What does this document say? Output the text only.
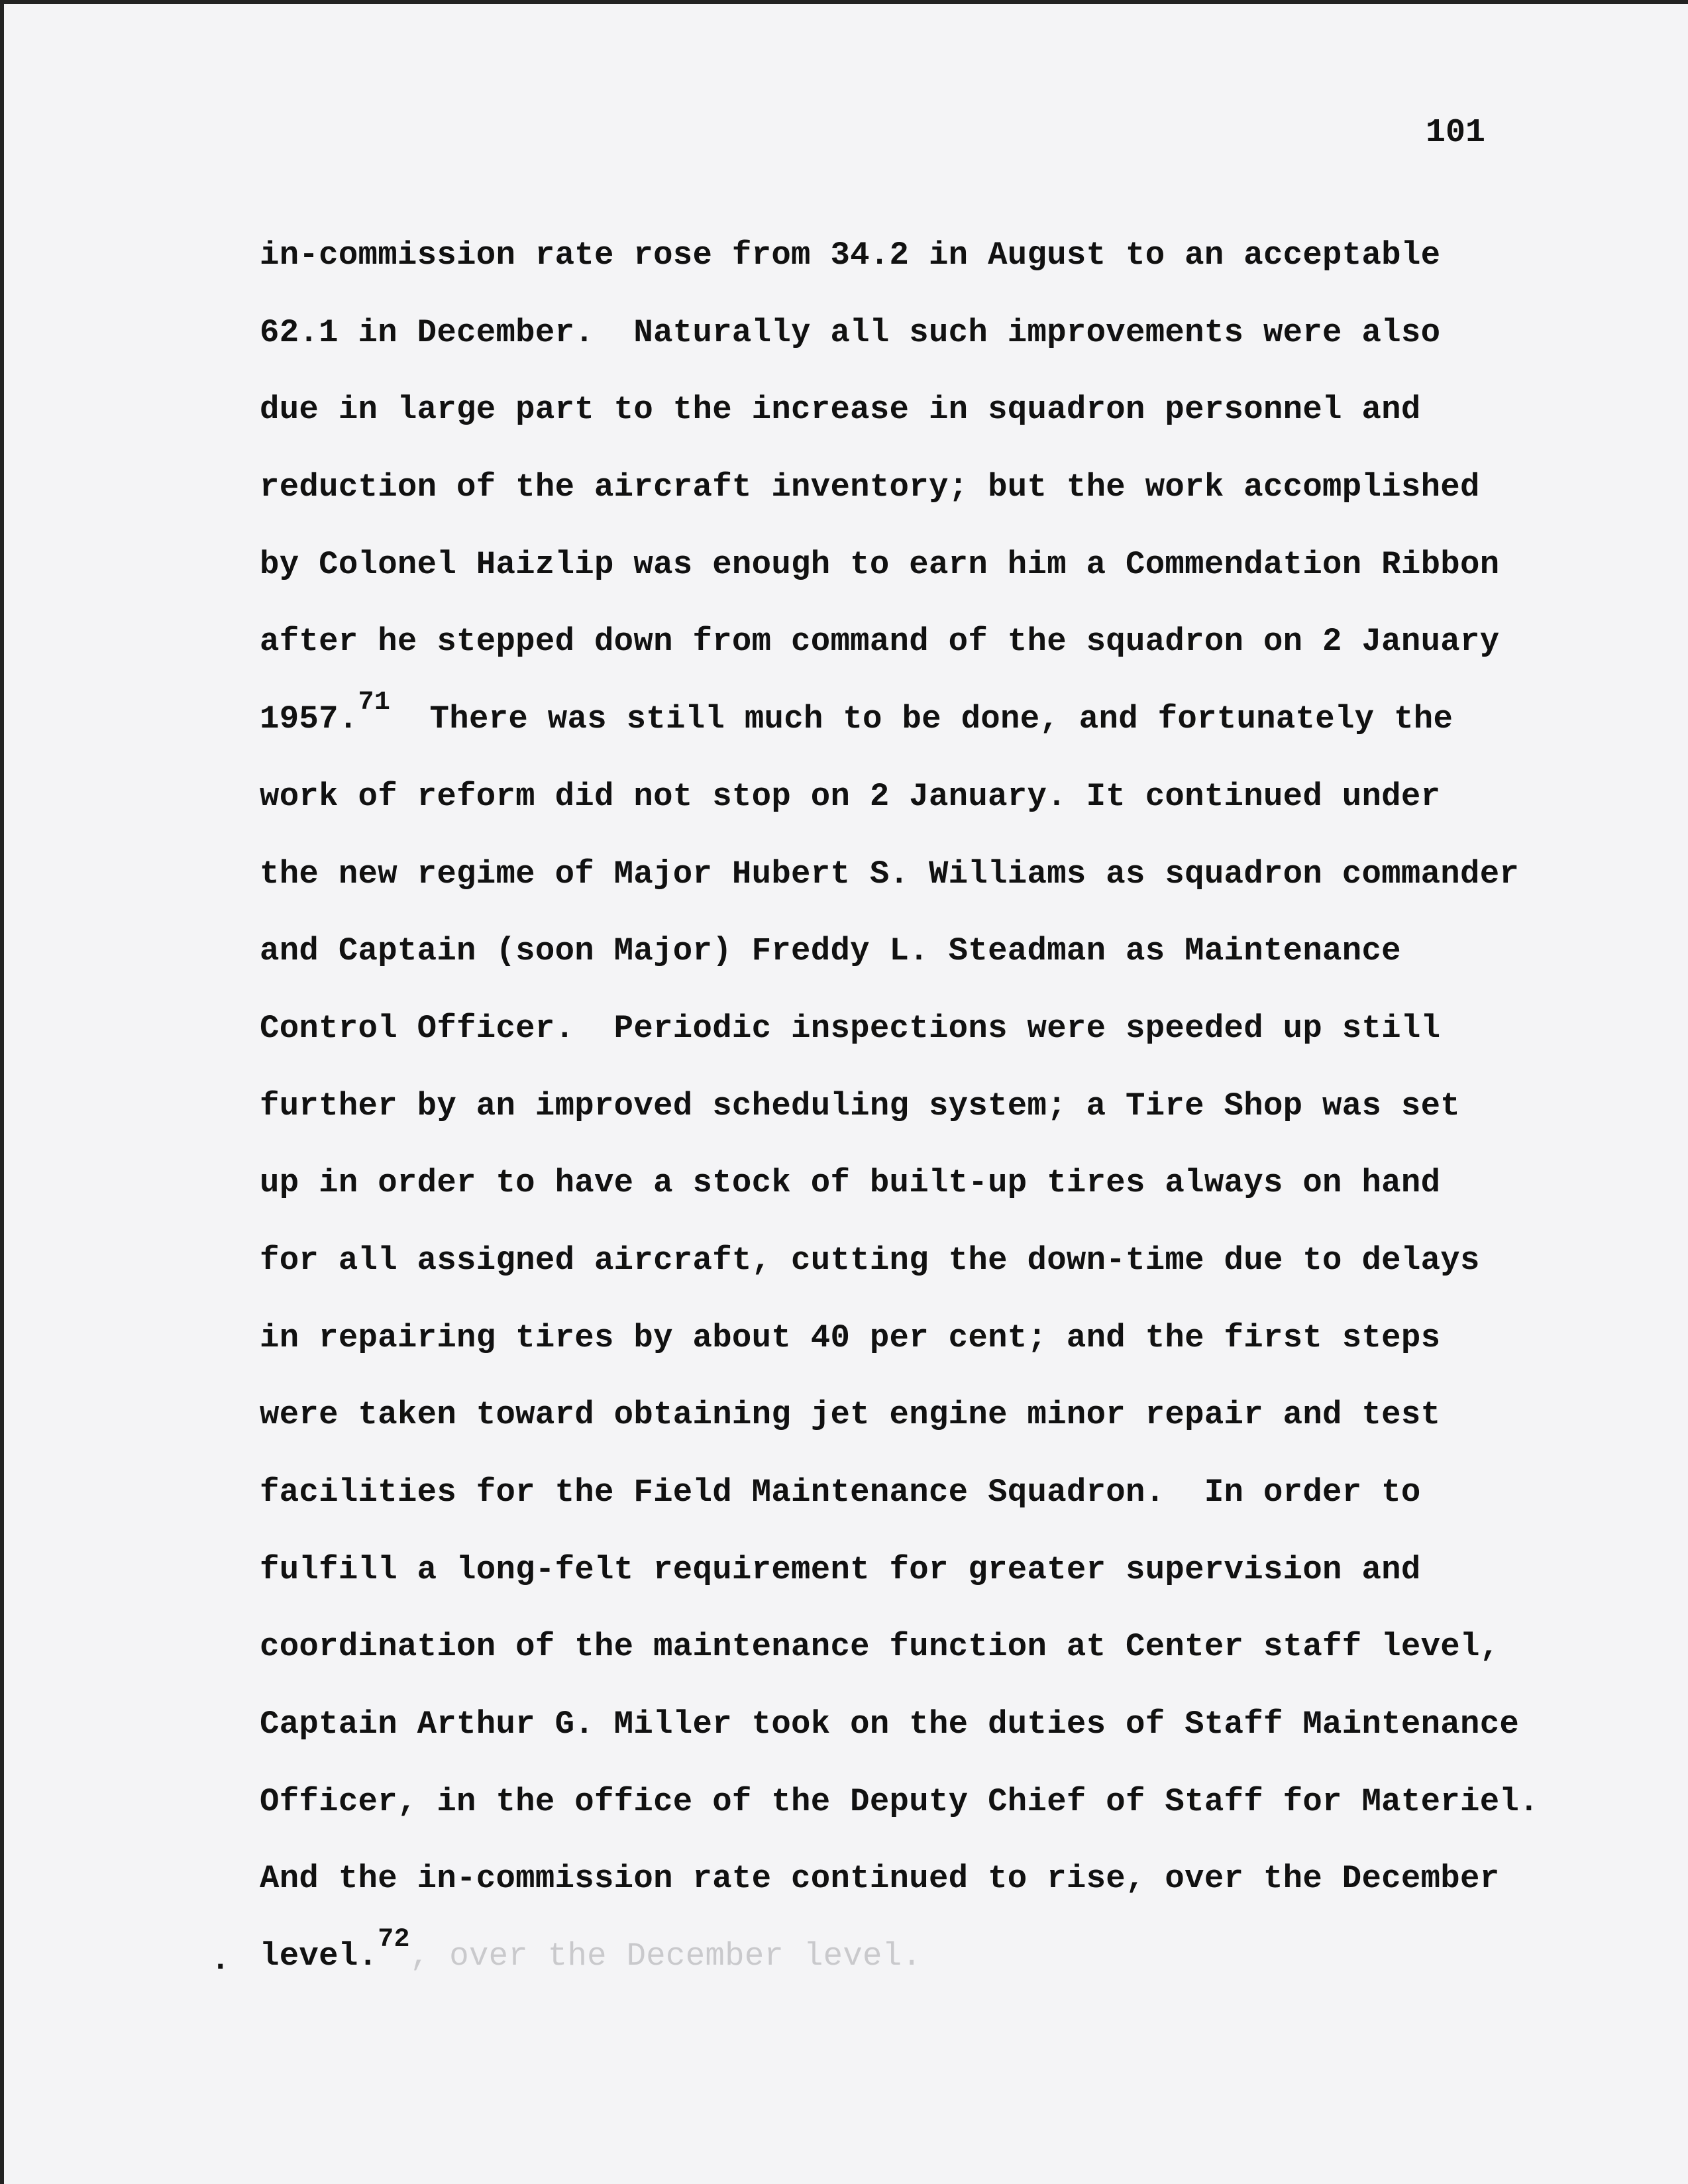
101
in-commission rate rose from 34.2 in August to an acceptable
62.1 in December.  Naturally all such improvements were also
due in large part to the increase in squadron personnel and
reduction of the aircraft inventory; but the work accomplished
by Colonel Haizlip was enough to earn him a Commendation Ribbon
after he stepped down from command of the squadron on 2 January
1957.71  There was still much to be done, and fortunately the
work of reform did not stop on 2 January. It continued under
the new regime of Major Hubert S. Williams as squadron commander
and Captain (soon Major) Freddy L. Steadman as Maintenance
Control Officer.  Periodic inspections were speeded up still
further by an improved scheduling system; a Tire Shop was set
up in order to have a stock of built-up tires always on hand
for all assigned aircraft, cutting the down-time due to delays
in repairing tires by about 40 per cent; and the first steps
were taken toward obtaining jet engine minor repair and test
facilities for the Field Maintenance Squadron.  In order to
fulfill a long-felt requirement for greater supervision and
coordination of the maintenance function at Center staff level,
Captain Arthur G. Miller took on the duties of Staff Maintenance
Officer, in the office of the Deputy Chief of Staff for Materiel.
And the in-commission rate continued to rise, over the December
level.$^{72}$, over the December level.
.
